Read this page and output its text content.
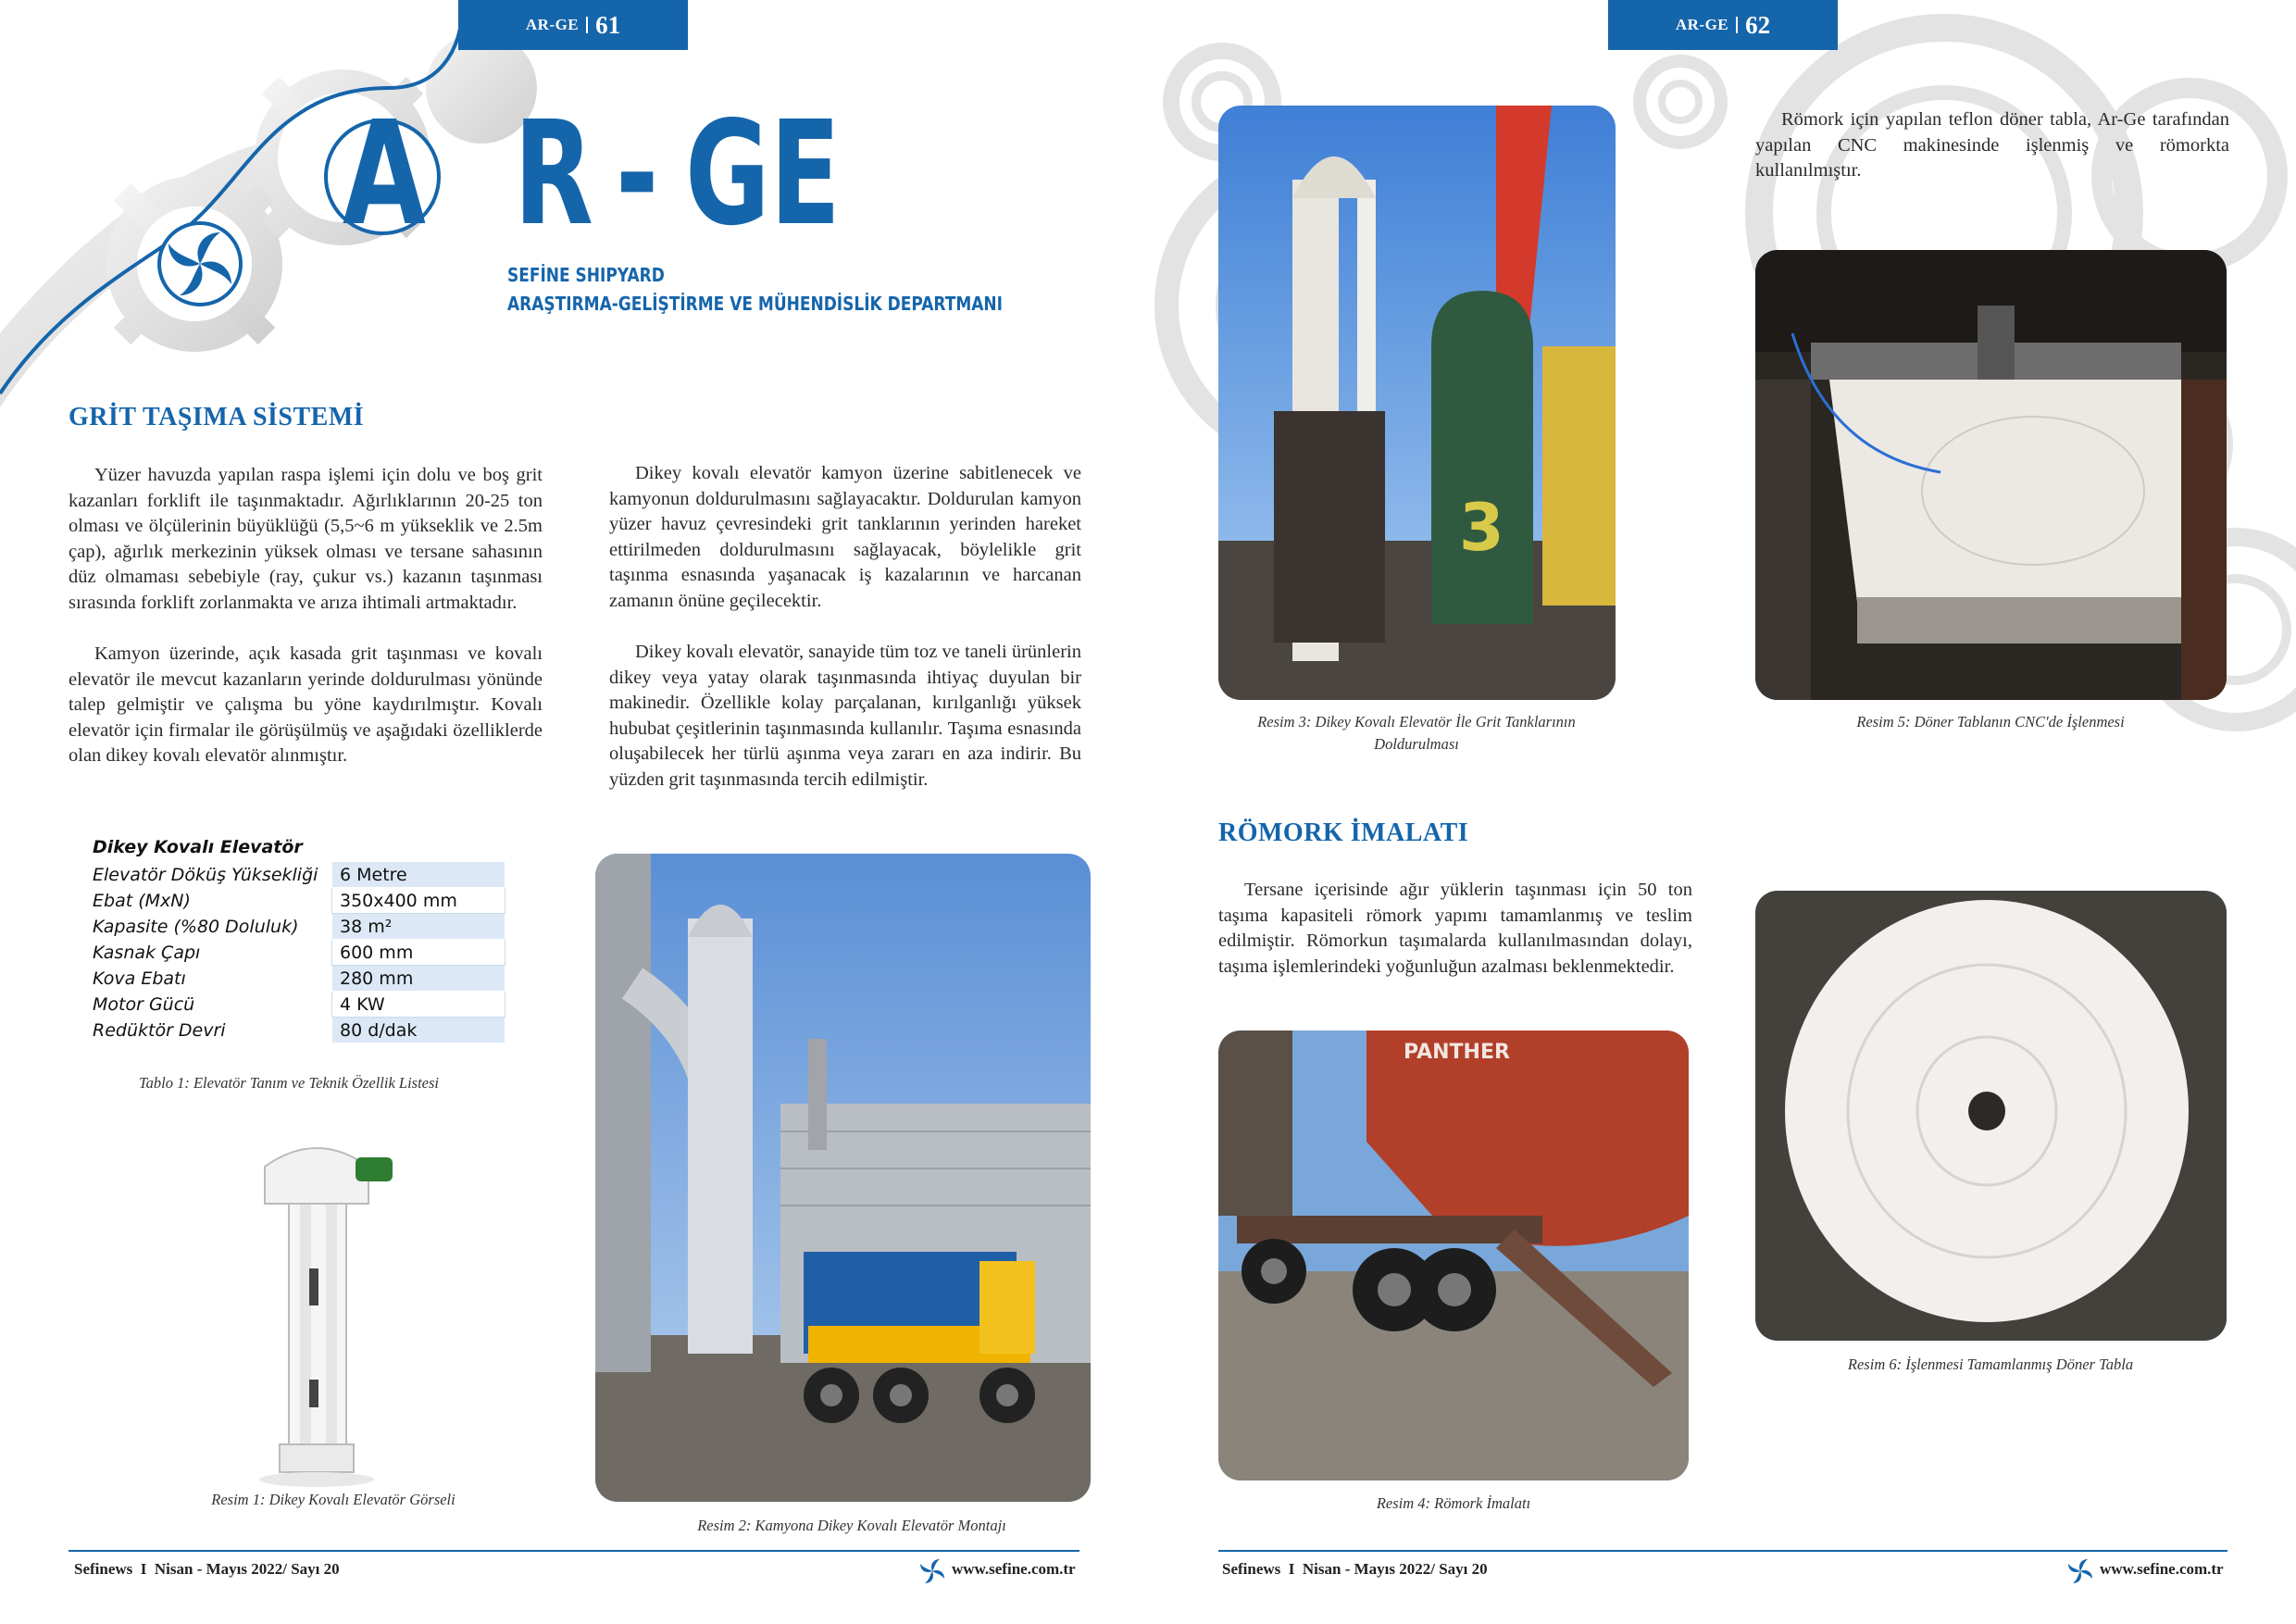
A R - GE
SEFİNE SHIPYARD
ARAŞTIRMA-GELİŞTİRME VE MÜHENDİSLİK DEPARTMANI
AR-GE 61
GRİT TAŞIMA SİSTEMİ

Yüzer havuzda yapılan raspa işlemi için dolu ve boş grit kazanları forklift ile taşınmaktadır. Ağırlıklarının 20-25 ton olması ve ölçülerinin büyüklüğü (5,5~6 m yükseklik ve 2.5m çap), ağırlık merkezinin yüksek olması ve tersane sahasının düz olmaması sebebiyle (ray, çukur vs.) kazanın taşınması sırasında forklift zorlanmakta ve arıza ihtimali artmaktadır.

Kamyon üzerinde, açık kasada grit taşınması ve kovalı elevatör ile mevcut kazanların yerinde doldurulması yönünde talep gelmiştir ve çalışma bu yöne kaydırılmıştır. Kovalı elevatör için firmalar ile görüşülmüş ve aşağıdaki özelliklerde olan dikey kovalı elevatör alınmıştır.

Dikey kovalı elevatör kamyon üzerine sabitlenecek ve kamyonun doldurulmasını sağlayacaktır. Doldurulan kamyon yüzer havuz çevresindeki grit tanklarının yerinden hareket ettirilmeden doldurulmasını sağlayacak, böylelikle grit taşınma esnasında yaşanacak iş kazalarının ve harcanan zamanın önüne geçilecektir.

Dikey kovalı elevatör, sanayide tüm toz ve taneli ürünlerin dikey veya yatay olarak taşınmasında ihtiyaç duyulan bir makinedir. Özellikle kolay parçalanan, kırılganlığı yüksek hububat çeşitlerinin taşınmasında kullanılır. Taşıma esnasında oluşabilecek her türlü aşınma veya zararı en aza indirir. Bu yüzden grit taşınmasında tercih edilmiştir.

Dikey Kovalı Elevatör
Elevatör Döküş Yüksekliği	6 Metre
Ebat (MxN)	350x400 mm
Kapasite (%80 Doluluk)	38 m²
Kasnak Çapı	600 mm
Kova Ebatı	280 mm
Motor Gücü	4 KW
Redüktör Devri	80 d/dak
Tablo 1: Elevatör Tanım ve Teknik Özellik Listesi
Resim 1: Dikey Kovalı Elevatör Görseli
Resim 2: Kamyona Dikey Kovalı Elevatör Montajı
Sefinews  I  Nisan - Mayıs 2022/ Sayı 20	www.sefine.com.tr
AR-GE 62
3
Resim 3: Dikey Kovalı Elevatör İle Grit Tanklarının Doldurulması

Römork için yapılan teflon döner tabla, Ar-Ge tarafından yapılan CNC makinesinde işlenmiş ve römorkta kullanılmıştır.

Resim 5: Döner Tablanın CNC'de İşlenmesi
RÖMORK İMALATI

Tersane içerisinde ağır yüklerin taşınması için 50 ton taşıma kapasiteli römork yapımı tamamlanmış ve teslim edilmiştir. Römorkun taşımalarda kullanılmasından dolayı, taşıma işlemlerindeki yoğunluğun azalması beklenmektedir.

PANTHER
Resim 4: Römork İmalatı
Resim 6: İşlenmesi Tamamlanmış Döner Tabla
Sefinews  I  Nisan - Mayıs 2022/ Sayı 20	www.sefine.com.tr
